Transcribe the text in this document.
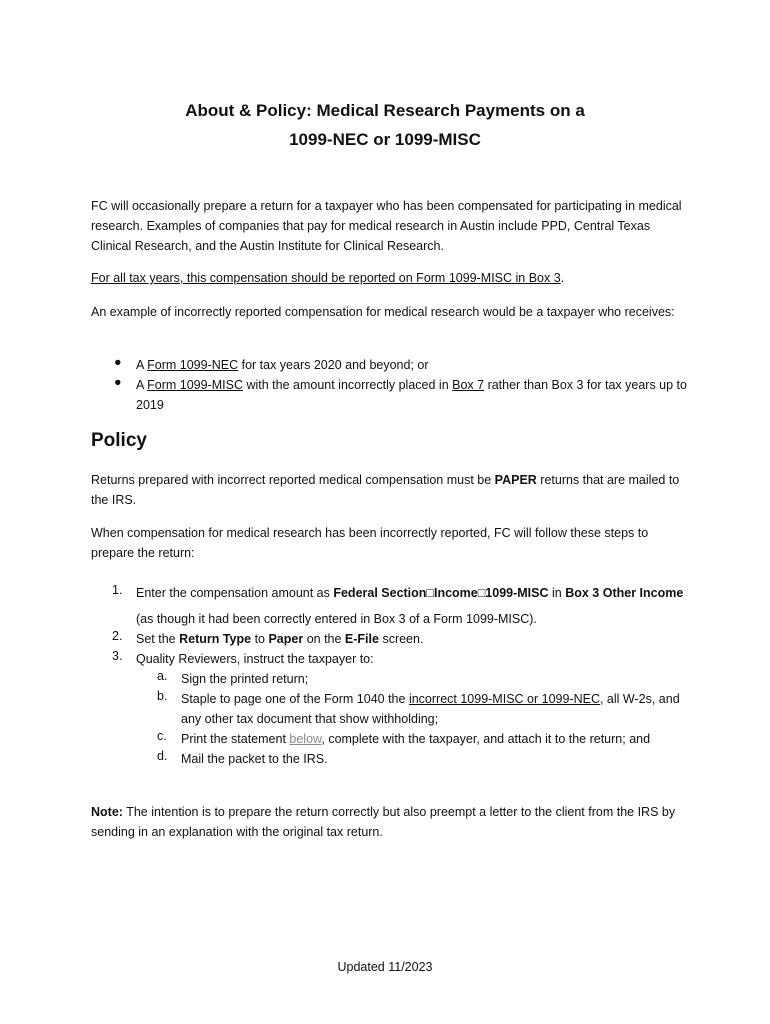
About & Policy: Medical Research Payments on a
1099-NEC or 1099-MISC
FC will occasionally prepare a return for a taxpayer who has been compensated for participating in medical research. Examples of companies that pay for medical research in Austin include PPD, Central Texas Clinical Research, and the Austin Institute for Clinical Research.
For all tax years, this compensation should be reported on Form 1099-MISC in Box 3.
An example of incorrectly reported compensation for medical research would be a taxpayer who receives:
● A Form 1099-NEC for tax years 2020 and beyond; or
● A Form 1099-MISC with the amount incorrectly placed in Box 7 rather than Box 3 for tax years up to 2019
Policy
Returns prepared with incorrect reported medical compensation must be PAPER returns that are mailed to the IRS.
When compensation for medical research has been incorrectly reported, FC will follow these steps to prepare the return:
1. Enter the compensation amount as Federal Section□Income□1099-MISC in Box 3 Other Income
(as though it had been correctly entered in Box 3 of a Form 1099-MISC).
2. Set the Return Type to Paper on the E-File screen.
3. Quality Reviewers, instruct the taxpayer to:
a. Sign the printed return;
b. Staple to page one of the Form 1040 the incorrect 1099-MISC or 1099-NEC, all W-2s, and any other tax document that show withholding;
c. Print the statement below, complete with the taxpayer, and attach it to the return; and
d. Mail the packet to the IRS.
Note: The intention is to prepare the return correctly but also preempt a letter to the client from the IRS by sending in an explanation with the original tax return.
Updated 11/2023
